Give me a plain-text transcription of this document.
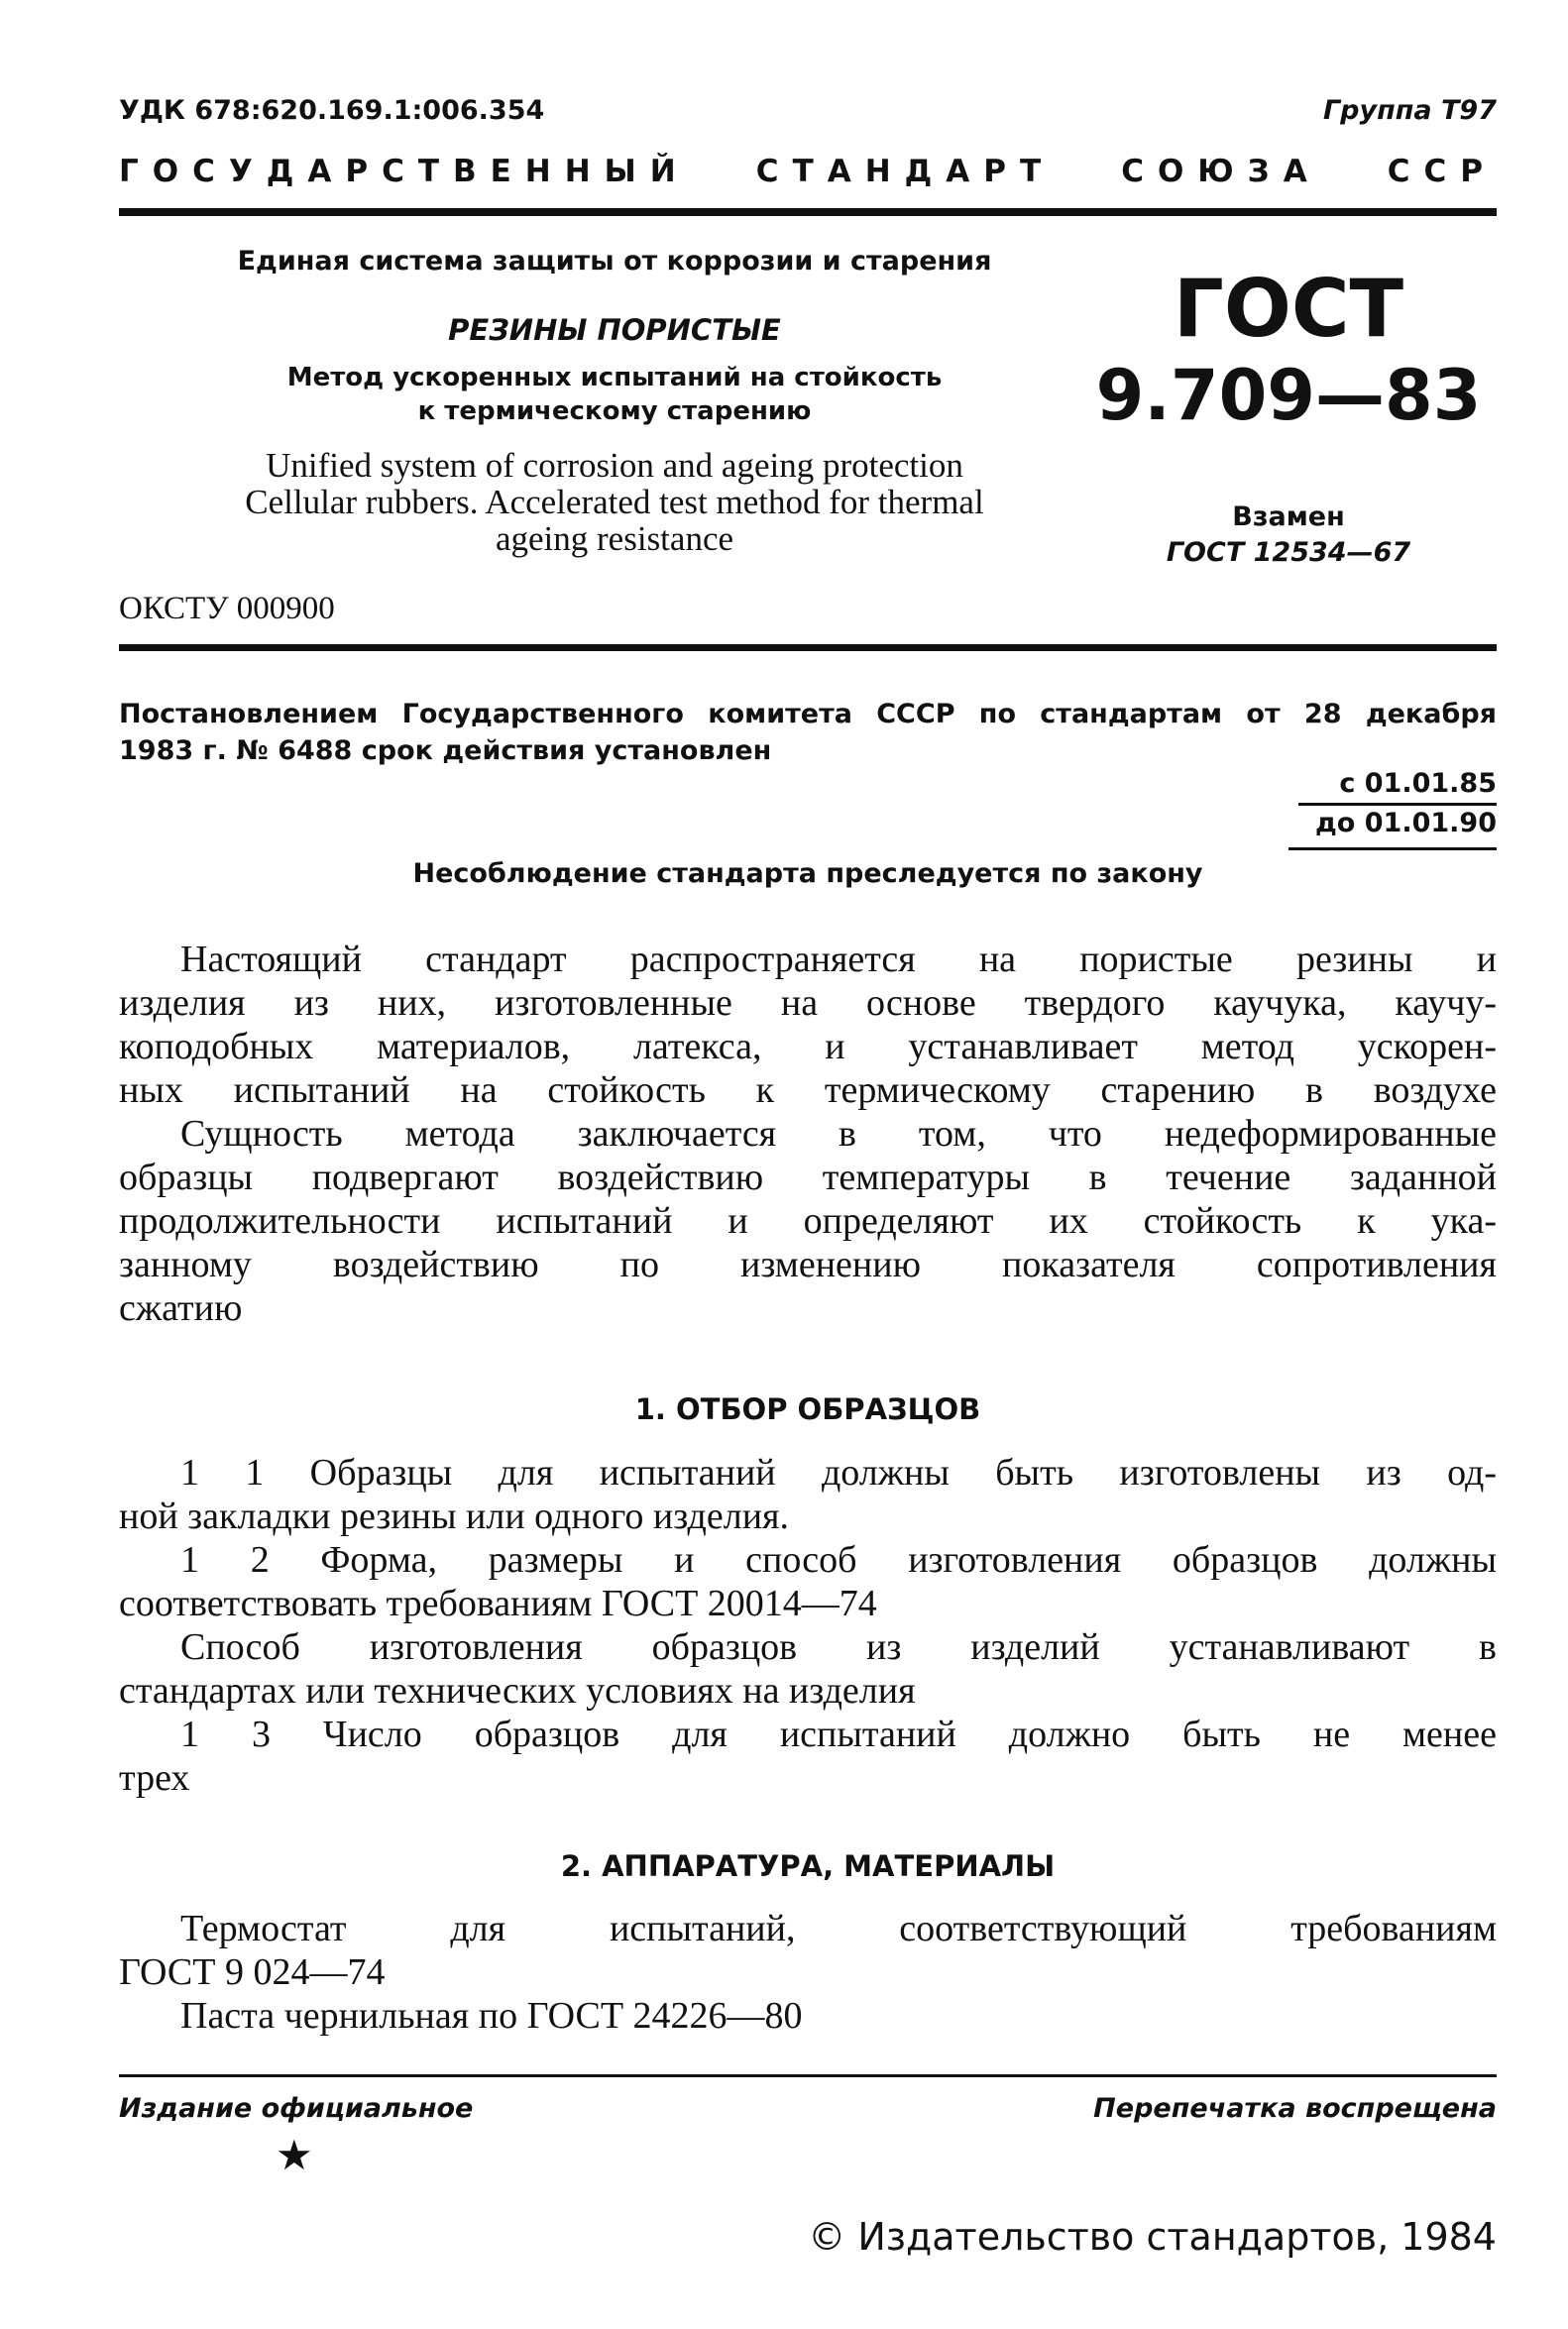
УДК 678:620.169.1:006.354	Группа Т97
ГОСУДАРСТВЕННЫЙ СТАНДАРТ СОЮЗА ССР
Единая система защиты от коррозии и старения
РЕЗИНЫ ПОРИСТЫЕ
Метод ускоренных испытаний на стойкость
к термическому старению
Unified system of corrosion and ageing protection
Cellular rubbers. Accelerated test method for thermal
ageing resistance
ОКСТУ 000900
ГОСТ
9.709—83
Взамен
ГОСТ 12534—67
Постановлением Государственного комитета СССР по стандартам от 28 декабря
1983 г. № 6488 срок действия установлен
с 01.01.85
до 01.01.90
Несоблюдение стандарта преследуется по закону
Настоящий стандарт распространяется на пористые резины и
изделия из них, изготовленные на основе твердого каучука, каучу-
коподобных материалов, латекса, и устанавливает метод ускорен-
ных испытаний на стойкость к термическому старению в воздухе
Сущность метода заключается в том, что недеформированные
образцы подвергают воздействию температуры в течение заданной
продолжительности испытаний и определяют их стойкость к ука-
занному воздействию по изменению показателя сопротивления
сжатию
1. ОТБОР ОБРАЗЦОВ
1 1 Образцы для испытаний должны быть изготовлены из од-
ной закладки резины или одного изделия.
1 2 Форма, размеры и способ изготовления образцов должны
соответствовать требованиям ГОСТ 20014—74
Способ изготовления образцов из изделий устанавливают в
стандартах или технических условиях на изделия
1 3 Число образцов для испытаний должно быть не менее
трех
2. АППАРАТУРА, МАТЕРИАЛЫ
Термостат для испытаний, соответствующий требованиям
ГОСТ 9 024—74
Паста чернильная по ГОСТ 24226—80
Издание официальное	Перепечатка воспрещена
★
© Издательство стандартов, 1984
